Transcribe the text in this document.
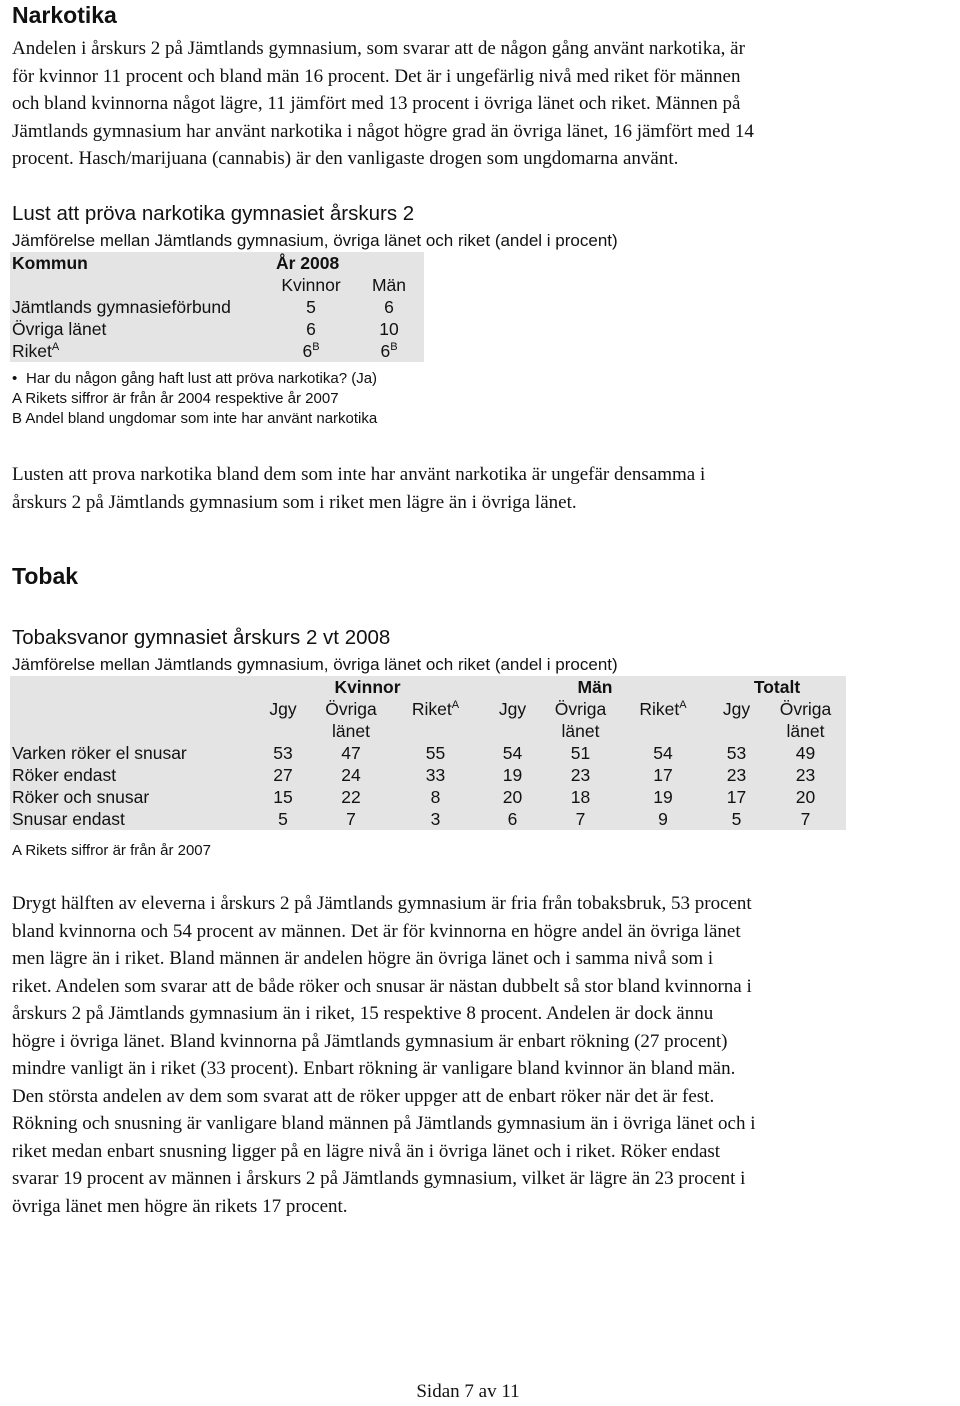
Narkotika
Andelen i årskurs 2 på Jämtlands gymnasium, som svarar att de någon gång använt narkotika, är
för kvinnor 11 procent och bland män 16 procent. Det är i ungefärlig nivå med riket för männen
och bland kvinnorna något lägre, 11 jämfört med 13 procent i övriga länet och riket. Männen på
Jämtlands gymnasium har använt narkotika i något högre grad än övriga länet, 16 jämfört med 14
procent. Hasch/marijuana (cannabis) är den vanligaste drogen som ungdomarna använt.
Lust att pröva narkotika gymnasiet årskurs 2
Jämförelse mellan Jämtlands gymnasium, övriga länet och riket (andel i procent)
Kommun	År 2008	
	Kvinnor	Män
Jämtlands gymnasieförbund	5	6
Övriga länet	6	10
Riket$^A$	$6^B$	$6^B$
• Har du någon gång haft lust att pröva narkotika? (Ja)
A Rikets siffror är från år 2004 respektive år 2007
B Andel bland ungdomar som inte har använt narkotika
Lusten att prova narkotika bland dem som inte har använt narkotika är ungefär densamma i
årskurs 2 på Jämtlands gymnasium som i riket men lägre än i övriga länet.
Tobak
Tobaksvanor gymnasiet årskurs 2 vt 2008
Jämförelse mellan Jämtlands gymnasium, övriga länet och riket (andel i procent)
	Kvinnor			Män			Totalt	
	Jgy	Övriga	Riket$^A$	Jgy	Övriga	Riket$^A$	Jgy	Övriga
		länet			länet			länet
Varken röker el snusar	53	47	55	54	51	54	53	49
Röker endast	27	24	33	19	23	17	23	23
Röker och snusar	15	22	8	20	18	19	17	20
Snusar endast	5	7	3	6	7	9	5	7
A Rikets siffror är från år 2007
Drygt hälften av eleverna i årskurs 2 på Jämtlands gymnasium är fria från tobaksbruk, 53 procent
bland kvinnorna och 54 procent av männen. Det är för kvinnorna en högre andel än övriga länet
men lägre än i riket. Bland männen är andelen högre än övriga länet och i samma nivå som i
riket. Andelen som svarar att de både röker och snusar är nästan dubbelt så stor bland kvinnorna i
årskurs 2 på Jämtlands gymnasium än i riket, 15 respektive 8 procent. Andelen är dock ännu
högre i övriga länet. Bland kvinnorna på Jämtlands gymnasium är enbart rökning (27 procent)
mindre vanligt än i riket (33 procent). Enbart rökning är vanligare bland kvinnor än bland män.
Den största andelen av dem som svarat att de röker uppger att de enbart röker när det är fest.
Rökning och snusning är vanligare bland männen på Jämtlands gymnasium än i övriga länet och i
riket medan enbart snusning ligger på en lägre nivå än i övriga länet och i riket. Röker endast
svarar 19 procent av männen i årskurs 2 på Jämtlands gymnasium, vilket är lägre än 23 procent i
övriga länet men högre än rikets 17 procent.
Sidan 7 av 11
